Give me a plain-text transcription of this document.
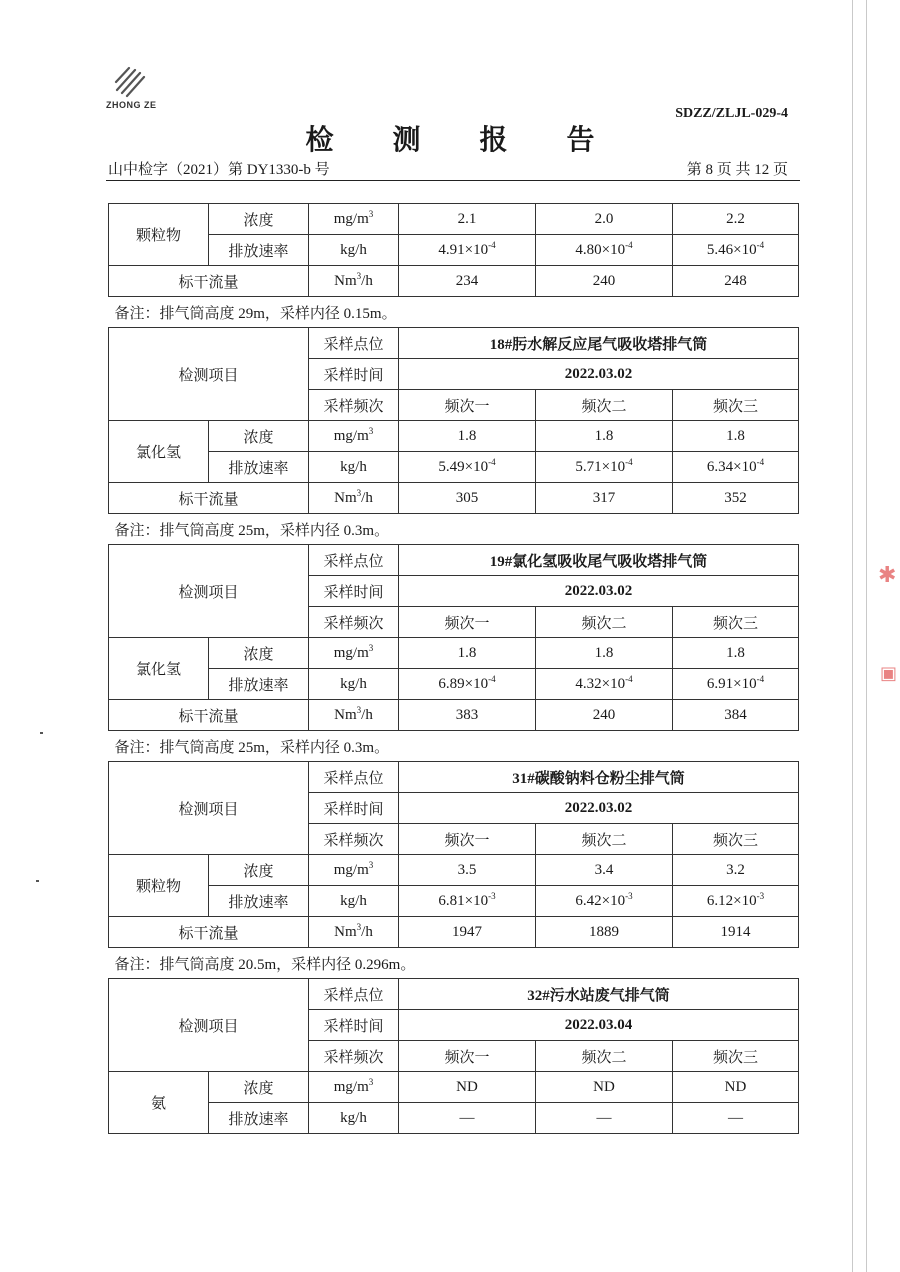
ZHONG ZE
SDZZ/ZLJL-029-4
检 测 报 告
山中检字（2021）第 DY1330-b 号	第 8 页 共 12 页
颗粒物	浓度	$mg/m^3$	2.1	2.0	2.2
	排放速率	kg/h	$4.91\times 10^{-4}$	$4.80\times 10^{-4}$	$5.46\times 10^{-4}$
标干流量		Nm$^3$/h	234	240	248
备注：排气筒高度 29m，采样内径 0.15m。					
检测项目		采样点位	18#肟水解反应尾气吸收塔排气筒		
		采样时间	2022.03.02		
		采样频次	频次一	频次二	频次三
氯化氢	浓度	$mg/m^3$	1.8	1.8	1.8
	排放速率	kg/h	$5.49\times 10^{-4}$	$5.71\times 10^{-4}$	$6.34\times 10^{-4}$
标干流量		Nm$^3$/h	305	317	352
备注：排气筒高度 25m，采样内径 0.3m。					
检测项目		采样点位	19#氯化氢吸收尾气吸收塔排气筒		
		采样时间	2022.03.02		
		采样频次	频次一	频次二	频次三
氯化氢	浓度	$mg/m^3$	1.8	1.8	1.8
	排放速率	kg/h	$6.89\times 10^{-4}$	$4.32\times 10^{-4}$	$6.91\times 10^{-4}$
标干流量		Nm$^3$/h	383	240	384
备注：排气筒高度 25m，采样内径 0.3m。					
检测项目		采样点位	31#碳酸钠料仓粉尘排气筒		
		采样时间	2022.03.02		
		采样频次	频次一	频次二	频次三
颗粒物	浓度	$mg/m^3$	3.5	3.4	3.2
	排放速率	kg/h	$6.81\times 10^{-3}$	$6.42\times 10^{-3}$	$6.12\times 10^{-3}$
标干流量		Nm$^3$/h	1947	1889	1914
备注：排气筒高度 20.5m，采样内径 0.296m。					
检测项目		采样点位	32#污水站废气排气筒		
		采样时间	2022.03.04		
		采样频次	频次一	频次二	频次三
氨	浓度	$mg/m^3$	ND	ND	ND
	排放速率	kg/h	—	—	—
✱
▣
